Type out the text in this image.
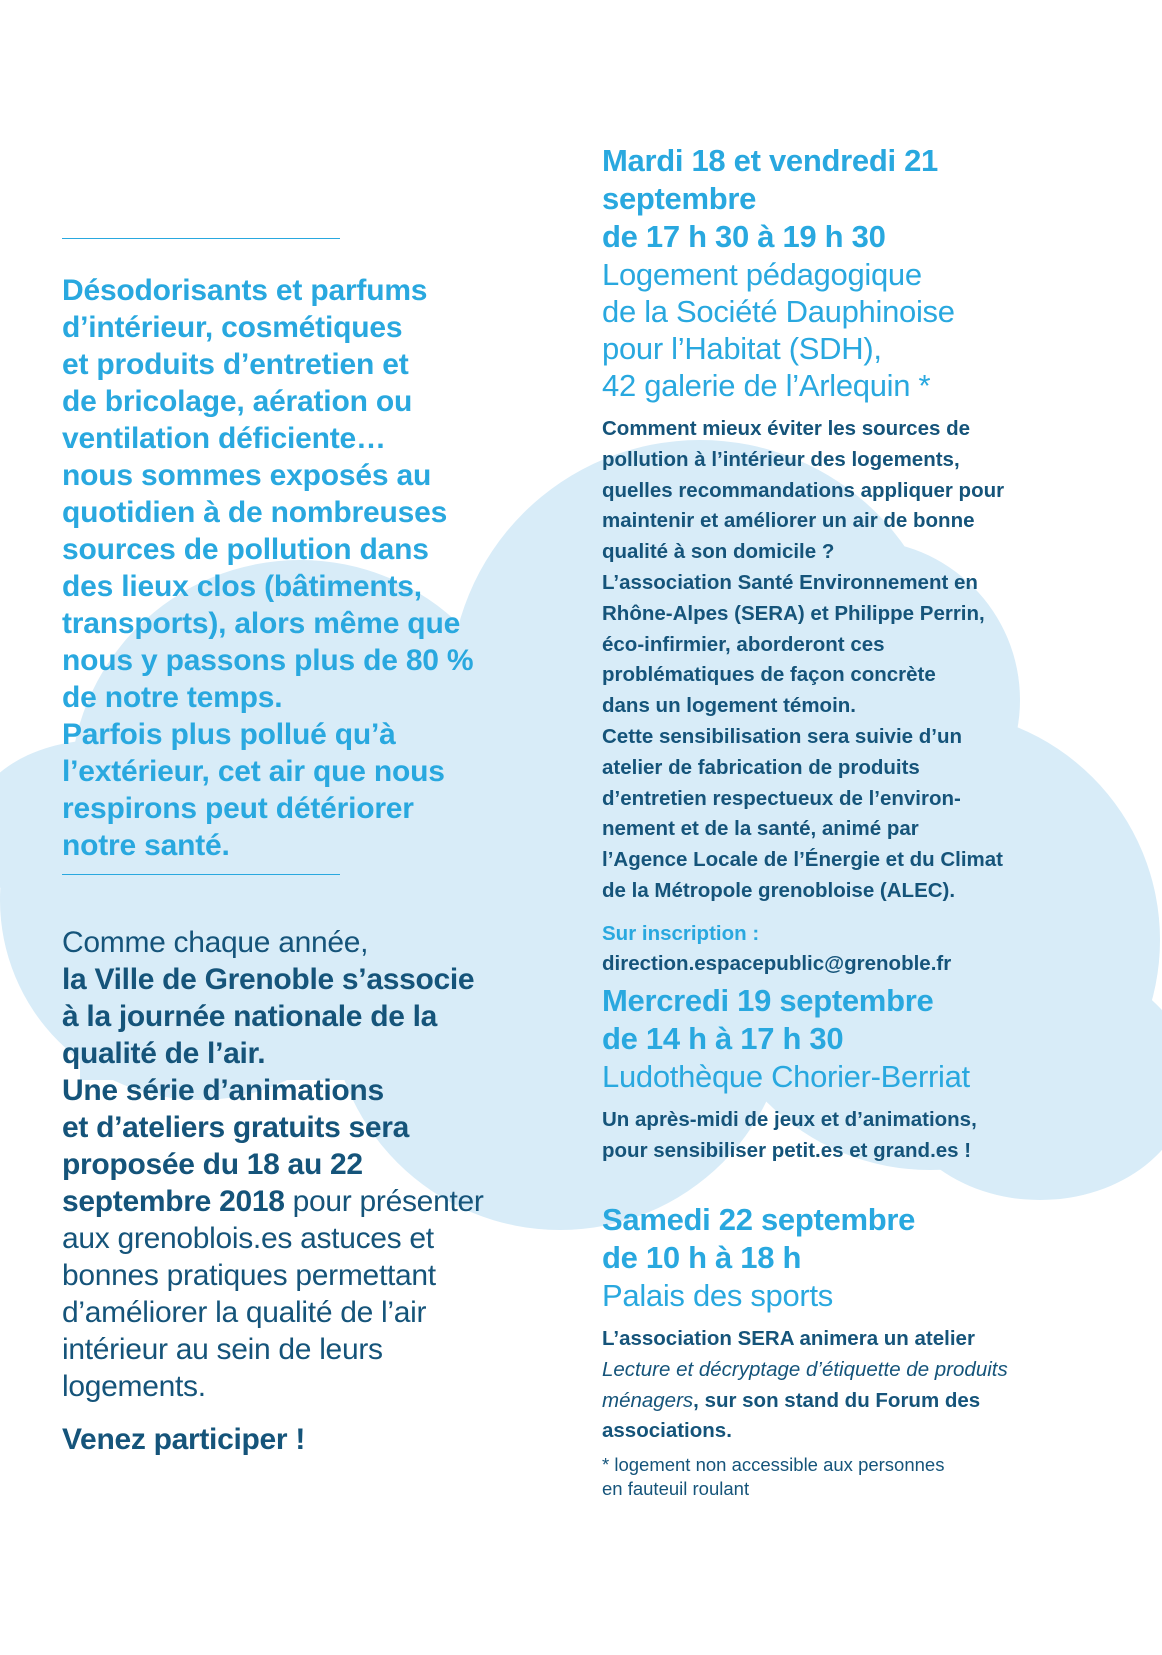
Désodorisants et parfums

d’intérieur, cosmétiques

et produits d’entretien et

de bricolage, aération ou

ventilation déficiente…

nous sommes exposés au

quotidien à de nombreuses

sources de pollution dans

des lieux clos (bâtiments,

transports), alors même que

nous y passons plus de 80 %

de notre temps.

Parfois plus pollué qu’à

l’extérieur, cet air que nous

respirons peut détériorer

notre santé.

Comme chaque année,

la Ville de Grenoble s’associe

à la journée nationale de la

qualité de l’air.

Une série d’animations

et d’ateliers gratuits sera

proposée du 18 au 22

septembre 2018 pour présenter

aux grenoblois.es astuces et

bonnes pratiques permettant

d’améliorer la qualité de l’air

intérieur au sein de leurs

logements.

Venez participer !

Mardi 18 et vendredi 21

septembre

de 17 h 30 à 19 h 30

Logement pédagogique

de la Société Dauphinoise

pour l’Habitat (SDH),

42 galerie de l’Arlequin *

Comment mieux éviter les sources de
pollution à l’intérieur des logements,
quelles recommandations appliquer pour
maintenir et améliorer un air de bonne
qualité à son domicile ?
L’association Santé Environnement en
Rhône-Alpes (SERA) et Philippe Perrin,
éco-infirmier, aborderont ces
problématiques de façon concrète
dans un logement témoin.
Cette sensibilisation sera suivie d’un
atelier de fabrication de produits
d’entretien respectueux de l’environ-
nement et de la santé, animé par
l’Agence Locale de l’Énergie et du Climat
de la Métropole grenobloise (ALEC).

Sur inscription :

direction.espacepublic@grenoble.fr

Mercredi 19 septembre

de 14 h à 17 h 30

Ludothèque Chorier-Berriat

Un après-midi de jeux et d’animations,
pour sensibiliser petit.es et grand.es !

Samedi 22 septembre

de 10 h à 18 h

Palais des sports

L’association SERA animera un atelier
Lecture et décryptage d’étiquette de produits
ménagers, sur son stand du Forum des
associations.

* logement non accessible aux personnes

en fauteuil roulant
